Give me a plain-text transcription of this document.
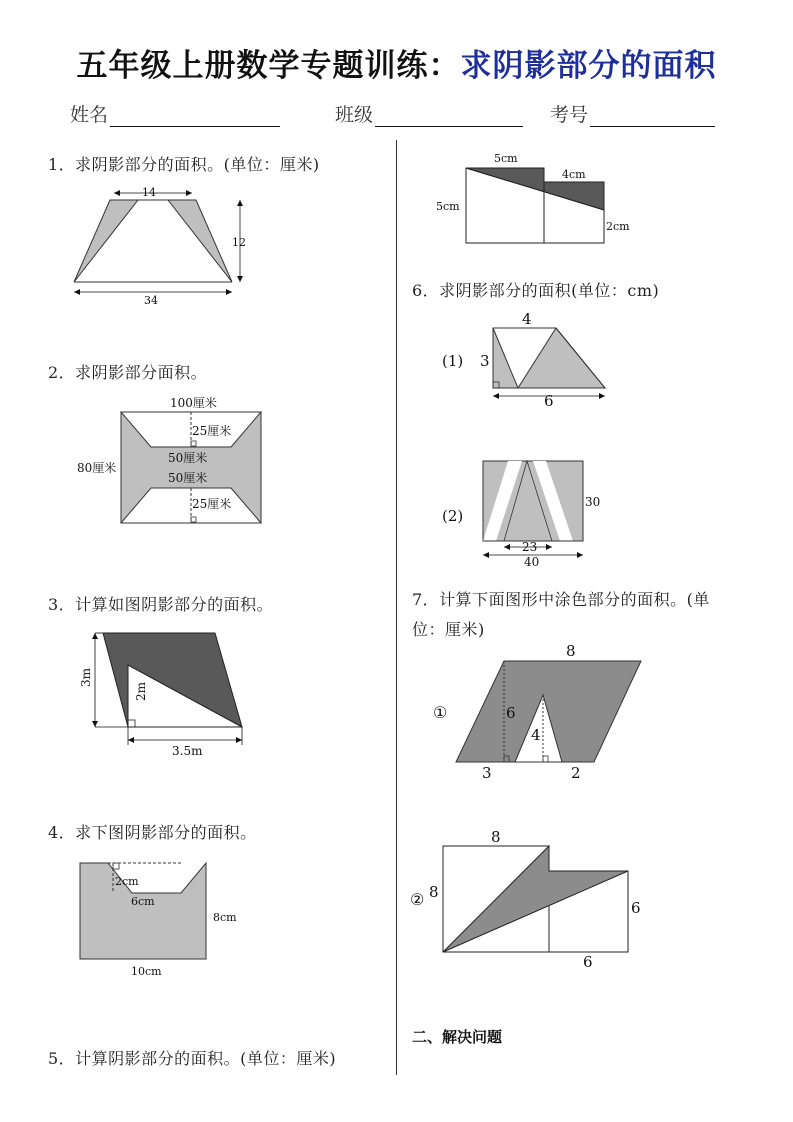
五年级上册数学专题训练：求阴影部分的面积
姓名	班级	考号
1．求阴影部分的面积。(单位：厘米)
14
12
34
2．求阴影部分面积。
100厘米
25厘米
50厘米
50厘米
25厘米
80厘米
3．计算如图阴影部分的面积。
3m
2m
3.5m
4．求下图阴影部分的面积。
2cm
6cm
8cm
10cm
5．计算阴影部分的面积。(单位：厘米)
5cm
4cm
5cm
2cm
6．求阴影部分的面积(单位：cm)
(1)
4
3
6
(2)
30
23
40
7．计算下面图形中涂色部分的面积。(单
位：厘米)
①
8
6
4
3	2
②
8
8
6
6
二、解决问题
